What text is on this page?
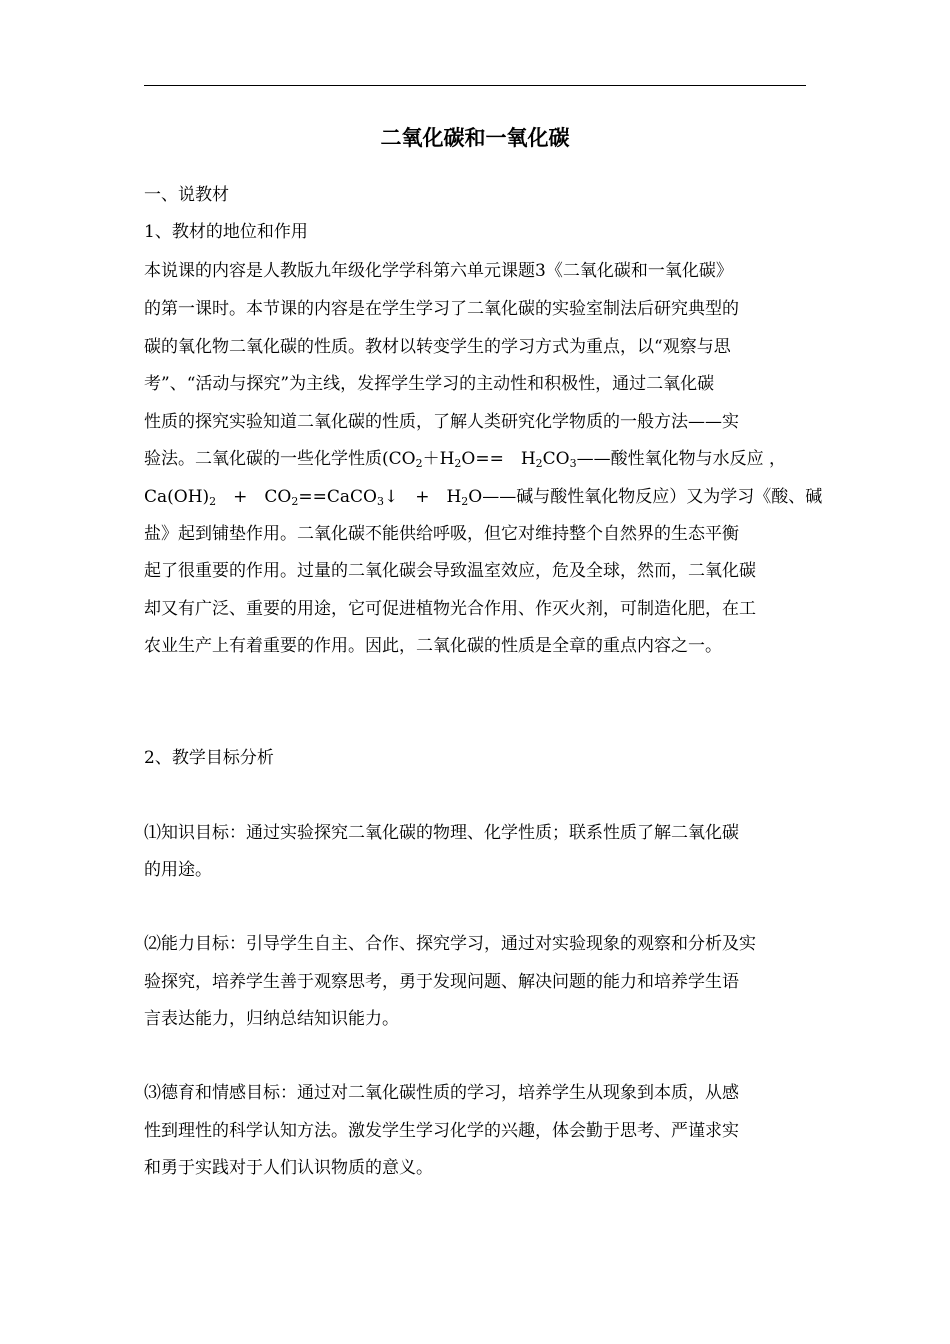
二氧化碳和一氧化碳
一、说教材
1、教材的地位和作用
本说课的内容是人教版九年级化学学科第六单元课题3《二氧化碳和一氧化碳》
的第一课时。本节课的内容是在学生学习了二氧化碳的实验室制法后研究典型的
碳的氧化物二氧化碳的性质。教材以转变学生的学习方式为重点，以“观察与思
考”、“活动与探究”为主线，发挥学生学习的主动性和积极性，通过二氧化碳
性质的探究实验知道二氧化碳的性质，了解人类研究化学物质的一般方法——实
验法。二氧化碳的一些化学性质($CO_2+H_2O==$　$H_2CO_3——$酸性氧化物与水反应 ，
$Ca(OH)_2$　+　$CO_2==CaCO_3↓$　+　$H_2O——$碱与酸性氧化物反应）又为学习《酸、碱
盐》起到铺垫作用。二氧化碳不能供给呼吸，但它对维持整个自然界的生态平衡
起了很重要的作用。过量的二氧化碳会导致温室效应，危及全球，然而，二氧化碳
却又有广泛、重要的用途，它可促进植物光合作用、作灭火剂，可制造化肥，在工
农业生产上有着重要的作用。因此，二氧化碳的性质是全章的重点内容之一。
2、教学目标分析
⑴知识目标：通过实验探究二氧化碳的物理、化学性质；联系性质了解二氧化碳
的用途。
⑵能力目标：引导学生自主、合作、探究学习，通过对实验现象的观察和分析及实
验探究，培养学生善于观察思考，勇于发现问题、解决问题的能力和培养学生语
言表达能力，归纳总结知识能力。
⑶德育和情感目标：通过对二氧化碳性质的学习，培养学生从现象到本质，从感
性到理性的科学认知方法。激发学生学习化学的兴趣，体会勤于思考、严谨求实
和勇于实践对于人们认识物质的意义。
